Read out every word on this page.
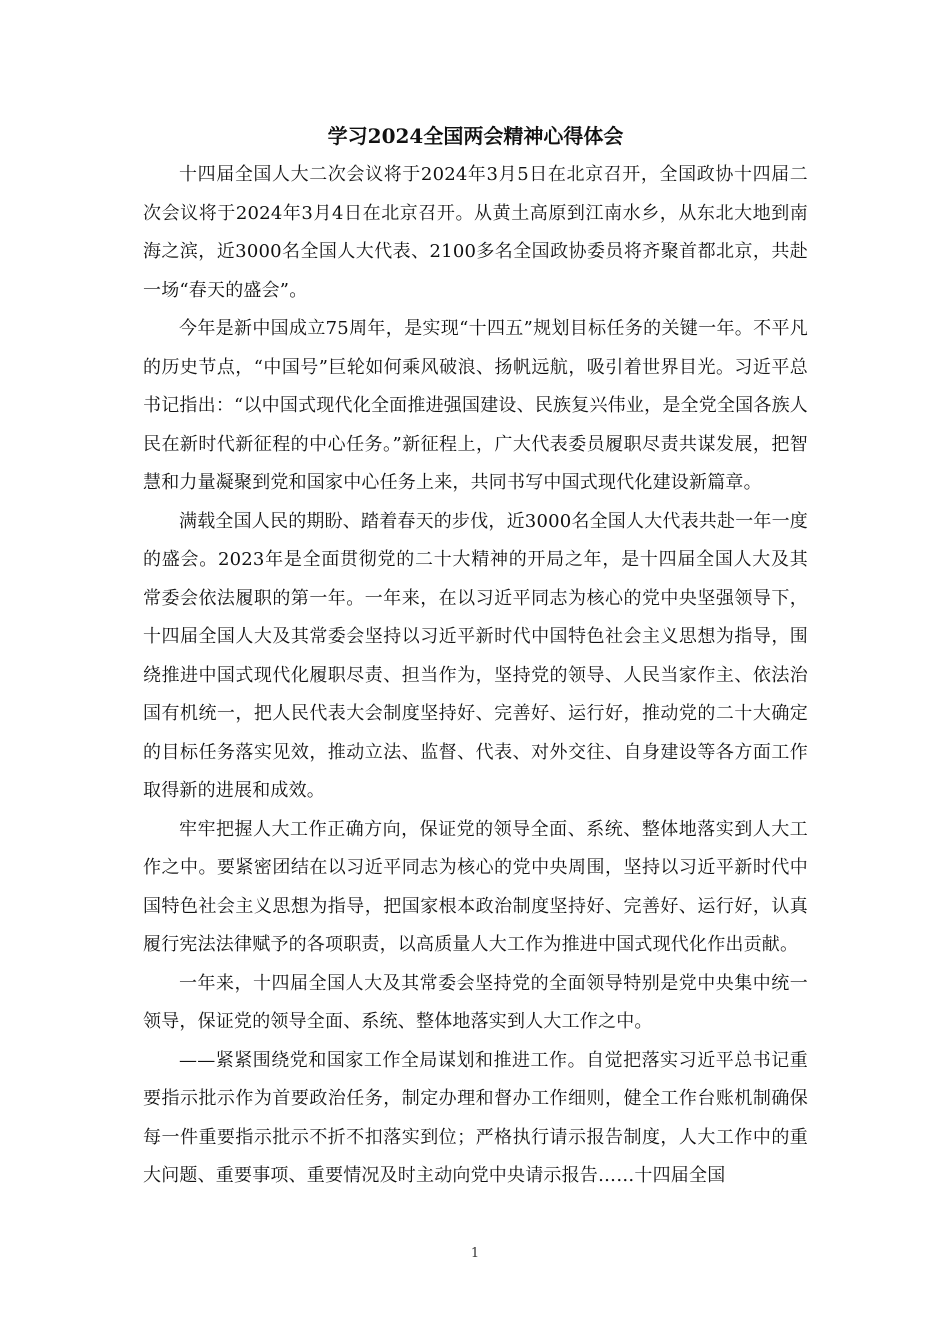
学习2024全国两会精神心得体会

十四届全国人大二次会议将于2024年3月5日在北京召开，全国政协十四届二次会议将于2024年3月4日在北京召开。从黄土高原到江南水乡，从东北大地到南海之滨，近3000名全国人大代表、2100多名全国政协委员将齐聚首都北京，共赴一场“春天的盛会”。

今年是新中国成立75周年，是实现“十四五”规划目标任务的关键一年。不平凡的历史节点，“中国号”巨轮如何乘风破浪、扬帆远航，吸引着世界目光。习近平总书记指出：“以中国式现代化全面推进强国建设、民族复兴伟业，是全党全国各族人民在新时代新征程的中心任务。”新征程上，广大代表委员履职尽责共谋发展，把智慧和力量凝聚到党和国家中心任务上来，共同书写中国式现代化建设新篇章。

满载全国人民的期盼、踏着春天的步伐，近3000名全国人大代表共赴一年一度的盛会。2023年是全面贯彻党的二十大精神的开局之年，是十四届全国人大及其常委会依法履职的第一年。一年来，在以习近平同志为核心的党中央坚强领导下，十四届全国人大及其常委会坚持以习近平新时代中国特色社会主义思想为指导，围绕推进中国式现代化履职尽责、担当作为，坚持党的领导、人民当家作主、依法治国有机统一，把人民代表大会制度坚持好、完善好、运行好，推动党的二十大确定的目标任务落实见效，推动立法、监督、代表、对外交往、自身建设等各方面工作取得新的进展和成效。

牢牢把握人大工作正确方向，保证党的领导全面、系统、整体地落实到人大工作之中。要紧密团结在以习近平同志为核心的党中央周围，坚持以习近平新时代中国特色社会主义思想为指导，把国家根本政治制度坚持好、完善好、运行好，认真履行宪法法律赋予的各项职责，以高质量人大工作为推进中国式现代化作出贡献。

一年来，十四届全国人大及其常委会坚持党的全面领导特别是党中央集中统一领导，保证党的领导全面、系统、整体地落实到人大工作之中。

——紧紧围绕党和国家工作全局谋划和推进工作。自觉把落实习近平总书记重要指示批示作为首要政治任务，制定办理和督办工作细则，健全工作台账机制确保每一件重要指示批示不折不扣落实到位；严格执行请示报告制度，人大工作中的重大问题、重要事项、重要情况及时主动向党中央请示报告……十四届全国

1
